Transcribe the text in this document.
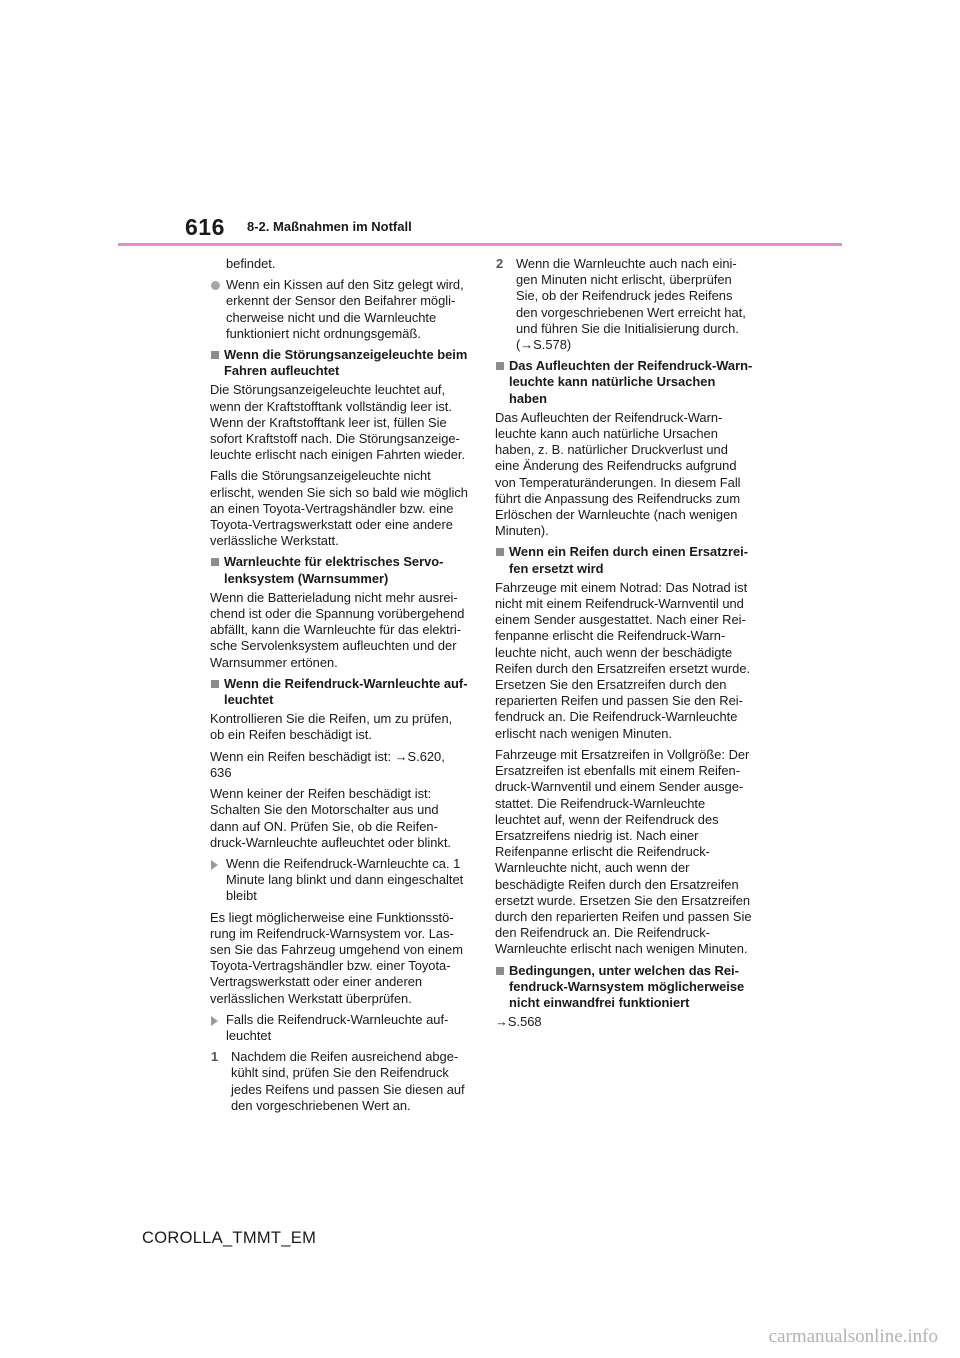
616 8-2. Maßnahmen im Notfall
befindet.
Wenn ein Kissen auf den Sitz gelegt wird, erkennt der Sensor den Beifahrer möglicherweise nicht und die Warnleuchte funktioniert nicht ordnungsgemäß.
Wenn die Störungsanzeigeleuchte beim Fahren aufleuchtet
Die Störungsanzeigeleuchte leuchtet auf, wenn der Kraftstofftank vollständig leer ist. Wenn der Kraftstofftank leer ist, füllen Sie sofort Kraftstoff nach. Die Störungsanzeigeleuchte erlischt nach einigen Fahrten wieder.
Falls die Störungsanzeigeleuchte nicht erlischt, wenden Sie sich so bald wie möglich an einen Toyota-Vertragshändler bzw. eine Toyota-Vertragswerkstatt oder eine andere verlässliche Werkstatt.
Warnleuchte für elektrisches Servolenksystem (Warnsummer)
Wenn die Batterieladung nicht mehr ausreichend ist oder die Spannung vorübergehend abfällt, kann die Warnleuchte für das elektrische Servolenksystem aufleuchten und der Warnsummer ertönen.
Wenn die Reifendruck-Warnleuchte aufleuchtet
Kontrollieren Sie die Reifen, um zu prüfen, ob ein Reifen beschädigt ist.
Wenn ein Reifen beschädigt ist: →S.620, 636
Wenn keiner der Reifen beschädigt ist: Schalten Sie den Motorschalter aus und dann auf ON. Prüfen Sie, ob die Reifendruck-Warnleuchte aufleuchtet oder blinkt.
Wenn die Reifendruck-Warnleuchte ca. 1 Minute lang blinkt und dann eingeschaltet bleibt
Es liegt möglicherweise eine Funktionsstörung im Reifendruck-Warnsystem vor. Lassen Sie das Fahrzeug umgehend von einem Toyota-Vertragshändler bzw. einer Toyota-Vertragswerkstatt oder einer anderen verlässlichen Werkstatt überprüfen.
Falls die Reifendruck-Warnleuchte aufleuchtet
1 Nachdem die Reifen ausreichend abgekühlt sind, prüfen Sie den Reifendruck jedes Reifens und passen Sie diesen auf den vorgeschriebenen Wert an.
2 Wenn die Warnleuchte auch nach einigen Minuten nicht erlischt, überprüfen Sie, ob der Reifendruck jedes Reifens den vorgeschriebenen Wert erreicht hat, und führen Sie die Initialisierung durch. (→S.578)
Das Aufleuchten der Reifendruck-Warnleuchte kann natürliche Ursachen haben
Das Aufleuchten der Reifendruck-Warnleuchte kann auch natürliche Ursachen haben, z. B. natürlicher Druckverlust und eine Änderung des Reifendrucks aufgrund von Temperaturänderungen. In diesem Fall führt die Anpassung des Reifendrucks zum Erlöschen der Warnleuchte (nach wenigen Minuten).
Wenn ein Reifen durch einen Ersatzreifen ersetzt wird
Fahrzeuge mit einem Notrad: Das Notrad ist nicht mit einem Reifendruck-Warnventil und einem Sender ausgestattet. Nach einer Reifenpanne erlischt die Reifendruck-Warnleuchte nicht, auch wenn der beschädigte Reifen durch den Ersatzreifen ersetzt wurde. Ersetzen Sie den Ersatzreifen durch den reparierten Reifen und passen Sie den Reifendruck an. Die Reifendruck-Warnleuchte erlischt nach wenigen Minuten.
Fahrzeuge mit Ersatzreifen in Vollgröße: Der Ersatzreifen ist ebenfalls mit einem Reifendruck-Warnventil und einem Sender ausgestattet. Die Reifendruck-Warnleuchte leuchtet auf, wenn der Reifendruck des Ersatzreifens niedrig ist. Nach einer Reifenpanne erlischt die Reifendruck-Warnleuchte nicht, auch wenn der beschädigte Reifen durch den Ersatzreifen ersetzt wurde. Ersetzen Sie den Ersatzreifen durch den reparierten Reifen und passen Sie den Reifendruck an. Die Reifendruck-Warnleuchte erlischt nach wenigen Minuten.
Bedingungen, unter welchen das Reifendruck-Warnsystem möglicherweise nicht einwandfrei funktioniert
→S.568
COROLLA_TMMT_EM
carmanualsonline.info
